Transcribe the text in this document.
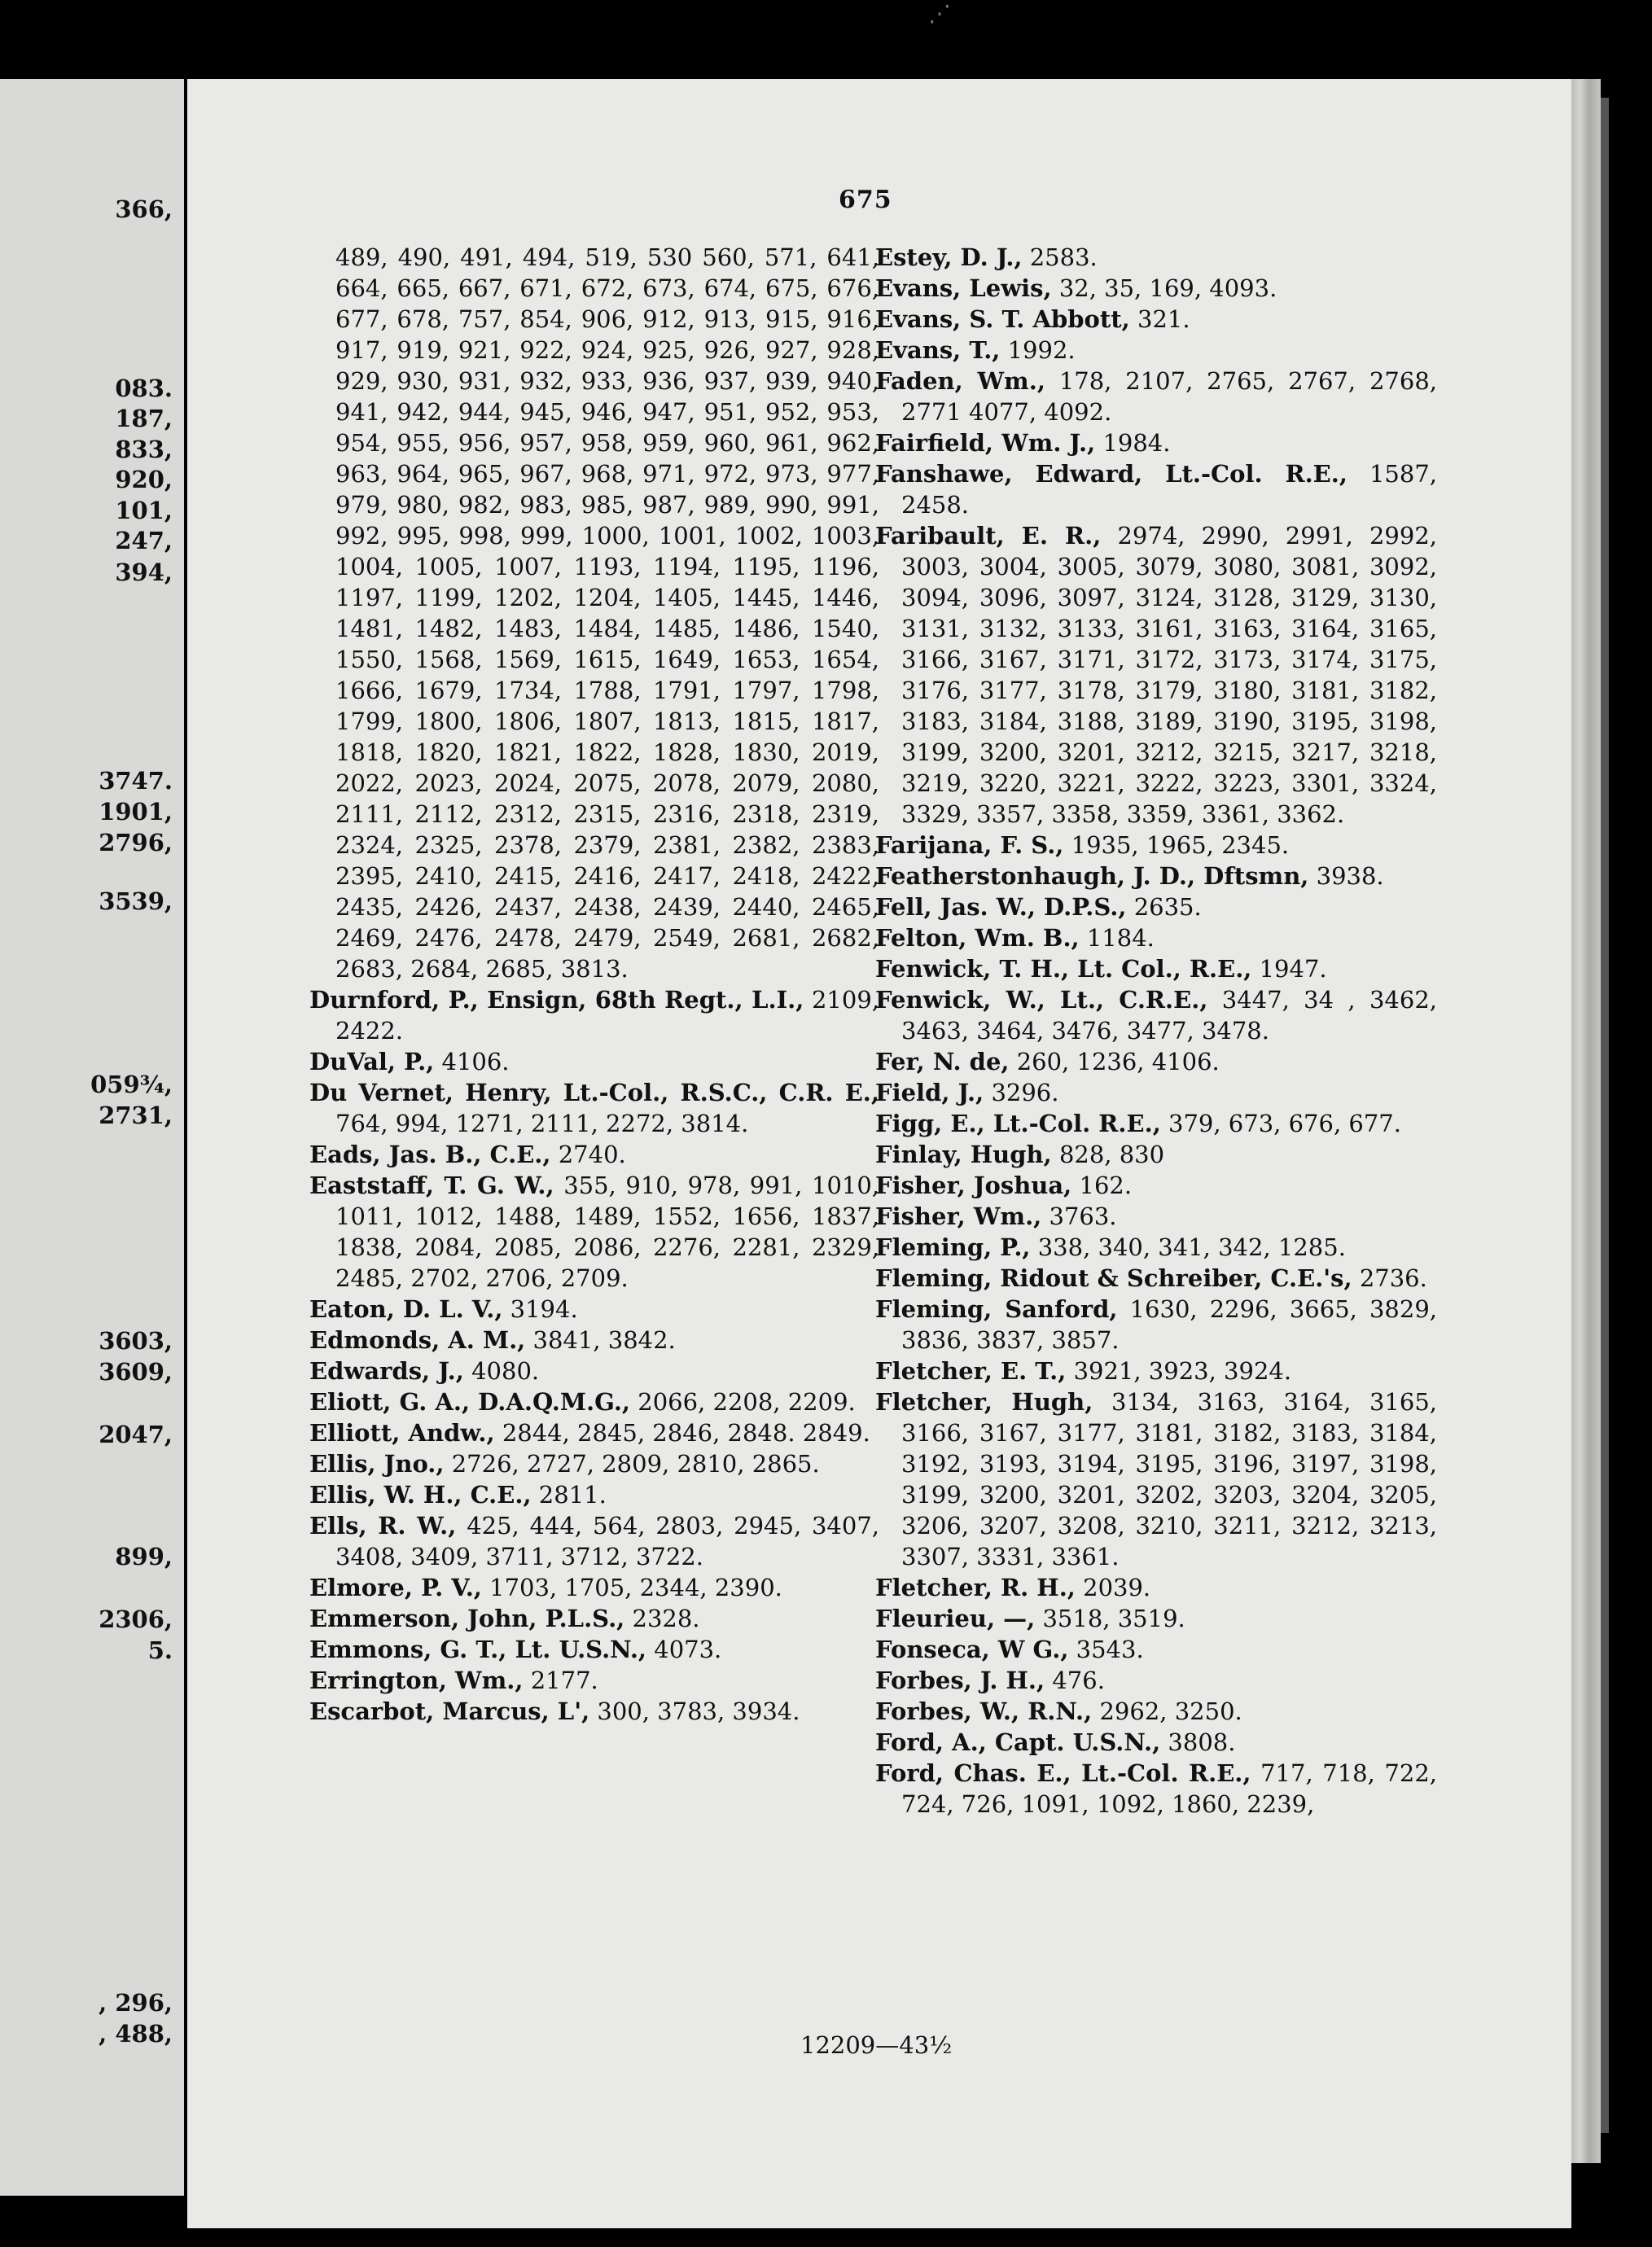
⋰
366,
083.
187,
833,
920,
101,
247,
394,
3747.
1901,
2796,
3539,
059¾,
2731,
3603,
3609,
2047,
899,
2306,
5.
, 296,
, 488,
675

489, 490, 491, 494, 519, 530 560, 571, 641, 664, 665, 667, 671, 672, 673, 674, 675, 676, 677, 678, 757, 854, 906, 912, 913, 915, 916, 917, 919, 921, 922, 924, 925, 926, 927, 928, 929, 930, 931, 932, 933, 936, 937, 939, 940, 941, 942, 944, 945, 946, 947, 951, 952, 953, 954, 955, 956, 957, 958, 959, 960, 961, 962, 963, 964, 965, 967, 968, 971, 972, 973, 977, 979, 980, 982, 983, 985, 987, 989, 990, 991, 992, 995, 998, 999, 1000, 1001, 1002, 1003, 1004, 1005, 1007, 1193, 1194, 1195, 1196, 1197, 1199, 1202, 1204, 1405, 1445, 1446, 1481, 1482, 1483, 1484, 1485, 1486, 1540, 1550, 1568, 1569, 1615, 1649, 1653, 1654, 1666, 1679, 1734, 1788, 1791, 1797, 1798, 1799, 1800, 1806, 1807, 1813, 1815, 1817, 1818, 1820, 1821, 1822, 1828, 1830, 2019, 2022, 2023, 2024, 2075, 2078, 2079, 2080, 2111, 2112, 2312, 2315, 2316, 2318, 2319, 2324, 2325, 2378, 2379, 2381, 2382, 2383, 2395, 2410, 2415, 2416, 2417, 2418, 2422, 2435, 2426, 2437, 2438, 2439, 2440, 2465, 2469, 2476, 2478, 2479, 2549, 2681, 2682, 2683, 2684, 2685, 3813.

Durnford, P., Ensign, 68th Regt., L.I., 2109, 2422.

DuVal, P., 4106.

Du Vernet, Henry, Lt.-Col., R.S.C., C.R. E., 764, 994, 1271, 2111, 2272, 3814.

Eads, Jas. B., C.E., 2740.

Eaststaff, T. G. W., 355, 910, 978, 991, 1010, 1011, 1012, 1488, 1489, 1552, 1656, 1837, 1838, 2084, 2085, 2086, 2276, 2281, 2329, 2485, 2702, 2706, 2709.

Eaton, D. L. V., 3194.

Edmonds, A. M., 3841, 3842.

Edwards, J., 4080.

Eliott, G. A., D.A.Q.M.G., 2066, 2208, 2209.

Elliott, Andw., 2844, 2845, 2846, 2848. 2849.

Ellis, Jno., 2726, 2727, 2809, 2810, 2865.

Ellis, W. H., C.E., 2811.

Ells, R. W., 425, 444, 564, 2803, 2945, 3407, 3408, 3409, 3711, 3712, 3722.

Elmore, P. V., 1703, 1705, 2344, 2390.

Emmerson, John, P.L.S., 2328.

Emmons, G. T., Lt. U.S.N., 4073.

Errington, Wm., 2177.

Escarbot, Marcus, L', 300, 3783, 3934.

Estey, D. J., 2583.

Evans, Lewis, 32, 35, 169, 4093.

Evans, S. T. Abbott, 321.

Evans, T., 1992.

Faden, Wm., 178, 2107, 2765, 2767, 2768, 2771 4077, 4092.

Fairfield, Wm. J., 1984.

Fanshawe, Edward, Lt.-Col. R.E., 1587, 2458.

Faribault, E. R., 2974, 2990, 2991, 2992, 3003, 3004, 3005, 3079, 3080, 3081, 3092, 3094, 3096, 3097, 3124, 3128, 3129, 3130, 3131, 3132, 3133, 3161, 3163, 3164, 3165, 3166, 3167, 3171, 3172, 3173, 3174, 3175, 3176, 3177, 3178, 3179, 3180, 3181, 3182, 3183, 3184, 3188, 3189, 3190, 3195, 3198, 3199, 3200, 3201, 3212, 3215, 3217, 3218, 3219, 3220, 3221, 3222, 3223, 3301, 3324, 3329, 3357, 3358, 3359, 3361, 3362.

Farijana, F. S., 1935, 1965, 2345.

Featherstonhaugh, J. D., Dftsmn, 3938.

Fell, Jas. W., D.P.S., 2635.

Felton, Wm. B., 1184.

Fenwick, T. H., Lt. Col., R.E., 1947.

Fenwick, W., Lt., C.R.E., 3447, 34 , 3462, 3463, 3464, 3476, 3477, 3478.

Fer, N. de, 260, 1236, 4106.

Field, J., 3296.

Figg, E., Lt.-Col. R.E., 379, 673, 676, 677.

Finlay, Hugh, 828, 830

Fisher, Joshua, 162.

Fisher, Wm., 3763.

Fleming, P., 338, 340, 341, 342, 1285.

Fleming, Ridout & Schreiber, C.E.'s, 2736.

Fleming, Sanford, 1630, 2296, 3665, 3829, 3836, 3837, 3857.

Fletcher, E. T., 3921, 3923, 3924.

Fletcher, Hugh, 3134, 3163, 3164, 3165, 3166, 3167, 3177, 3181, 3182, 3183, 3184, 3192, 3193, 3194, 3195, 3196, 3197, 3198, 3199, 3200, 3201, 3202, 3203, 3204, 3205, 3206, 3207, 3208, 3210, 3211, 3212, 3213, 3307, 3331, 3361.

Fletcher, R. H., 2039.

Fleurieu, —, 3518, 3519.

Fonseca, W G., 3543.

Forbes, J. H., 476.

Forbes, W., R.N., 2962, 3250.

Ford, A., Capt. U.S.N., 3808.

Ford, Chas. E., Lt.-Col. R.E., 717, 718, 722, 724, 726, 1091, 1092, 1860, 2239,

12209—43½
